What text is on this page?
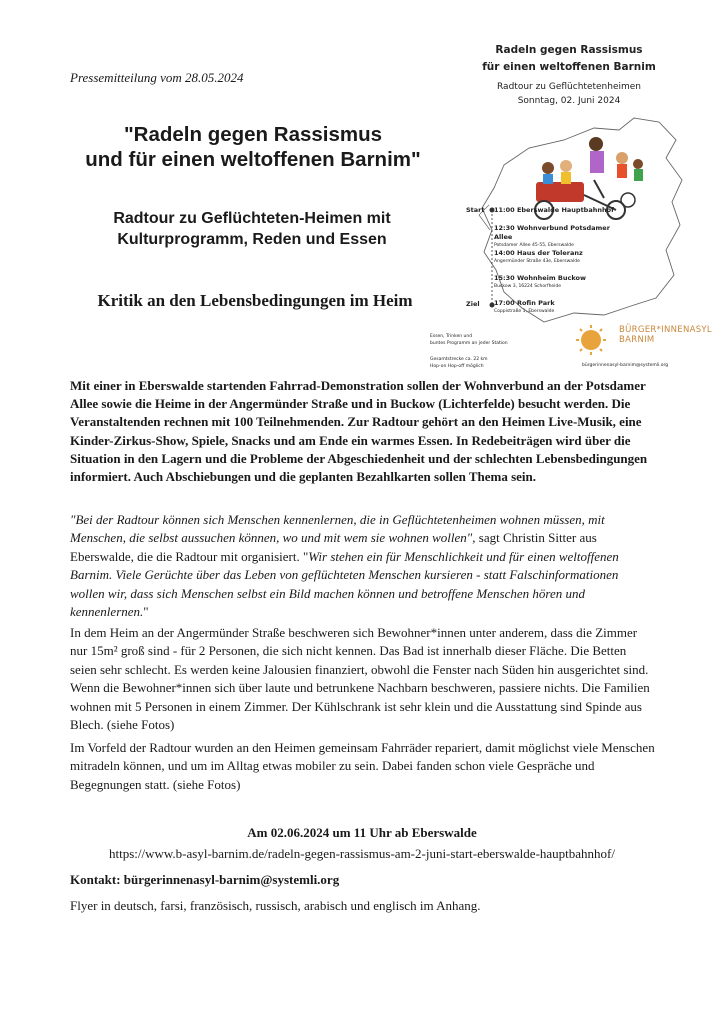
Pressemitteilung vom 28.05.2024
"Radeln gegen Rassismus
und für einen weltoffenen Barnim"
Radtour zu Geflüchteten-Heimen mit
Kulturprogramm, Reden und Essen
Kritik an den Lebensbedingungen im Heim
Radeln gegen Rassismus
für einen weltoffenen Barnim
Radtour zu Geflüchtetenheimen
Sonntag, 02. Juni 2024
Start
Ziel
11:00 Eberswalde Hauptbahnhof
12:30 Wohnverbund Potsdamer Allee
Potsdamer Allee 45-55, Eberswalde
14:00 Haus der Toleranz
Angermünder Straße 43e, Eberswalde
15:30 Wohnheim Buckow
Buckow 3, 16224 Schorfheide
17:00 Rofin Park
Coppistraße 1, Eberswalde
Essen, Trinken und
buntes Programm an jeder Station
Gesamtstrecke ca. 22 km
Hop-on Hop-off möglich
BÜRGER*INNENASYL
BARNIM
bürgerinnenasyl-barnim@systemli.org

Mit einer in Eberswalde startenden Fahrrad-Demonstration sollen der Wohnverbund an der Potsdamer Allee sowie die Heime in der Angermünder Straße und in Buckow (Lichterfelde) besucht werden. Die Veranstaltenden rechnen mit 100 Teilnehmenden. Zur Radtour gehört an den Heimen Live-Musik, eine Kinder-Zirkus-Show, Spiele, Snacks und am Ende ein warmes Essen. In Redebeiträgen wird über die Situation in den Lagern und die Probleme der Abgeschiedenheit und der schlechten Lebensbedingungen informiert. Auch Abschiebungen und die geplanten Bezahlkarten sollen Thema sein.

"Bei der Radtour können sich Menschen kennenlernen, die in Geflüchtetenheimen wohnen müssen, mit Menschen, die selbst aussuchen können, wo und mit wem sie wohnen wollen", sagt Christin Sitter aus Eberswalde, die die Radtour mit organisiert. "Wir stehen ein für Menschlichkeit und für einen weltoffenen Barnim. Viele Gerüchte über das Leben von geflüchteten Menschen kursieren - statt Falschinformationen wollen wir, dass sich Menschen selbst ein Bild machen können und betroffene Menschen hören und kennenlernen."

In dem Heim an der Angermünder Straße beschweren sich Bewohner*innen unter anderem, dass die Zimmer nur 15m² groß sind - für 2 Personen, die sich nicht kennen. Das Bad ist innerhalb dieser Fläche. Die Betten seien sehr schlecht. Es werden keine Jalousien finanziert, obwohl die Fenster nach Süden hin ausgerichtet sind. Wenn die Bewohner*innen sich über laute und betrunkene Nachbarn beschweren, passiere nichts. Die Familien wohnen mit 5 Personen in einem Zimmer. Der Kühlschrank ist sehr klein und die Ausstattung sind Spinde aus Blech. (siehe Fotos)

Im Vorfeld der Radtour wurden an den Heimen gemeinsam Fahrräder repariert, damit möglichst viele Menschen mitradeln können, und um im Alltag etwas mobiler zu sein. Dabei fanden schon viele Gespräche und Begegnungen statt. (siehe Fotos)

Am 02.06.2024 um 11 Uhr ab Eberswalde
https://www.b-asyl-barnim.de/radeln-gegen-rassismus-am-2-juni-start-eberswalde-hauptbahnhof/
Kontakt: bürgerinnenasyl-barnim@systemli.org
Flyer in deutsch, farsi, französisch, russisch, arabisch und englisch im Anhang.
